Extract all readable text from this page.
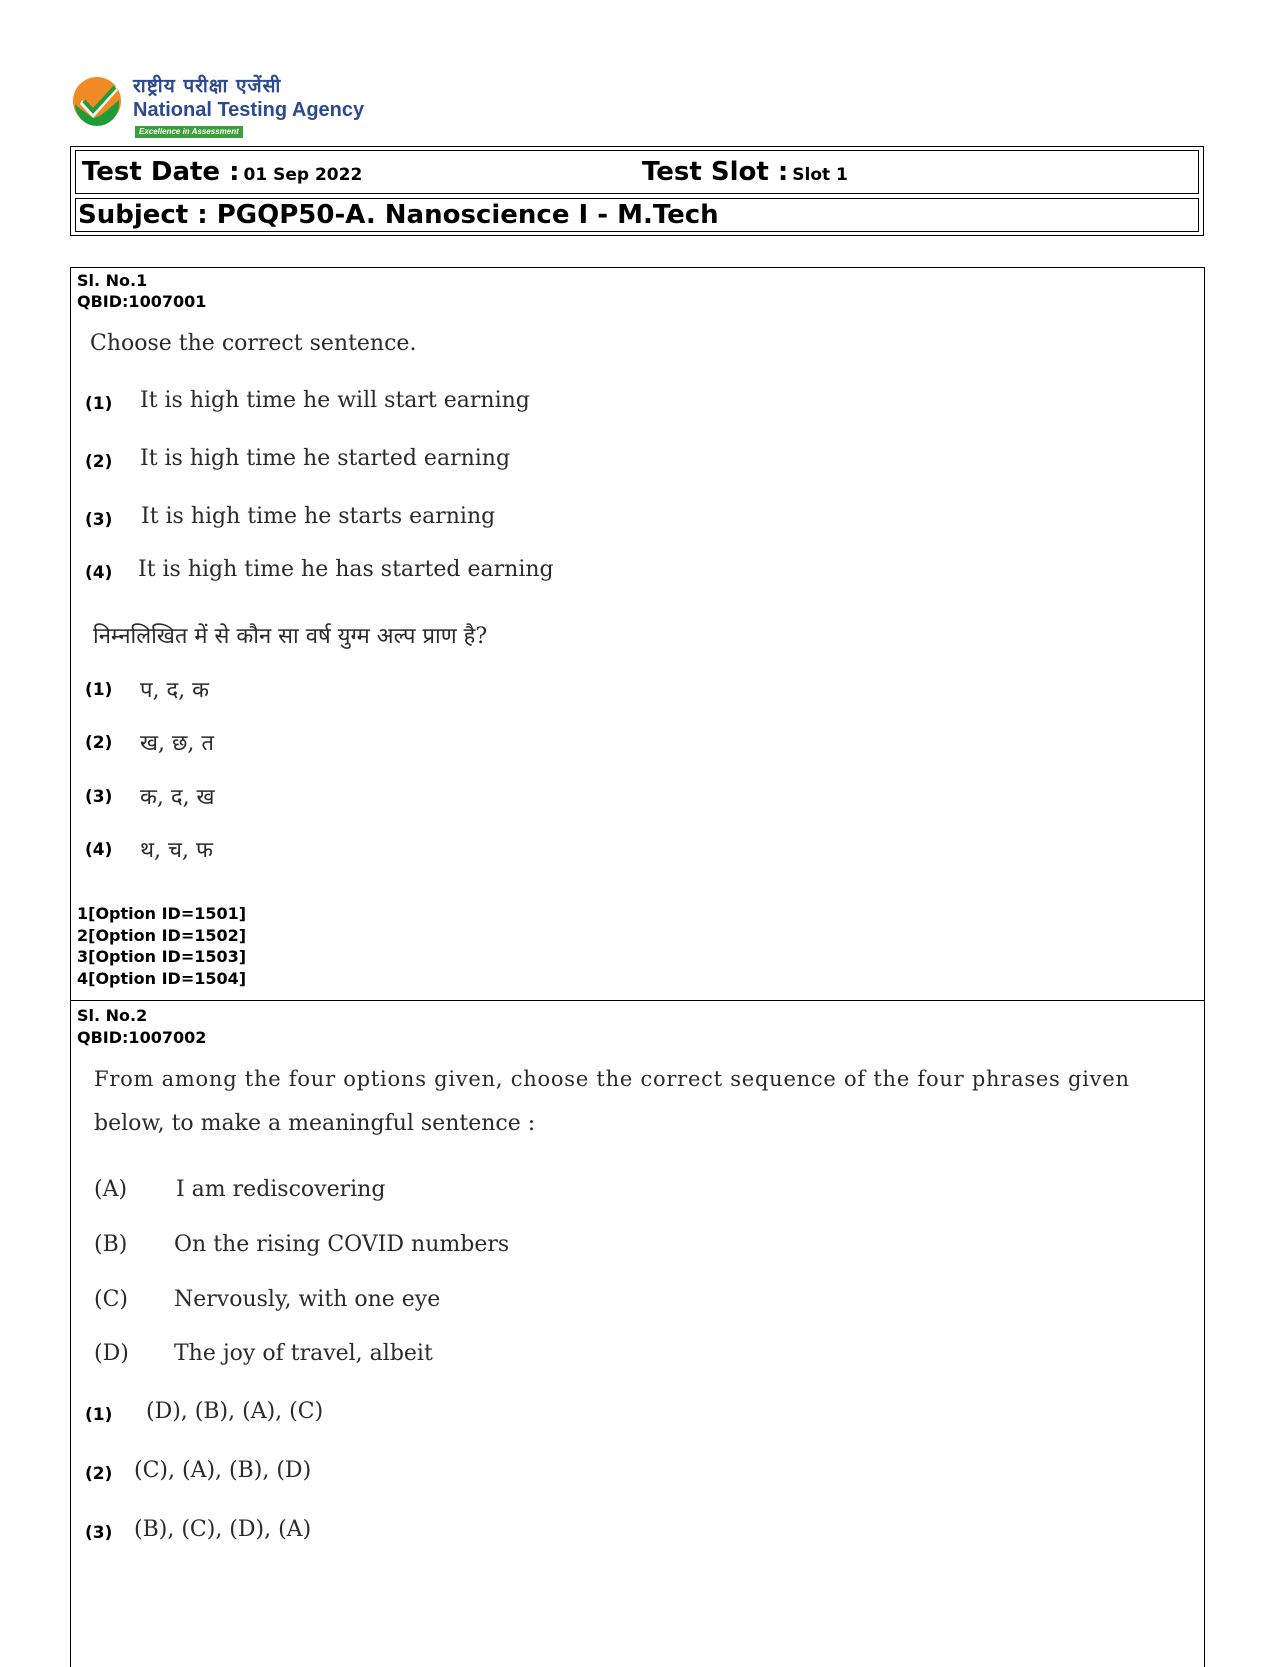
राष्ट्रीय परीक्षा एजेंसी
National Testing Agency
Excellence in Assessment
Test Date : 01 Sep 2022	Test Slot : Slot 1
Subject : PGQP50-A. Nanoscience I - M.Tech
Sl. No.1
QBID:1007001
Choose the correct sentence.
(1) It is high time he will start earning
(2) It is high time he started earning
(3) It is high time he starts earning
(4) It is high time he has started earning
निम्नलिखित में से कौन सा वर्ष युग्म अल्प प्राण है?
(1) प, द, क
(2) ख, छ, त
(3) क, द, ख
(4) थ, च, फ
1[Option ID=1501]
2[Option ID=1502]
3[Option ID=1503]
4[Option ID=1504]
Sl. No.2
QBID:1007002
From among the four options given, choose the correct sequence of the four phrases given
below, to make a meaningful sentence :
(A) I am rediscovering
(B) On the rising COVID numbers
(C) Nervously, with one eye
(D) The joy of travel, albeit
(1) (D), (B), (A), (C)
(2) (C), (A), (B), (D)
(3) (B), (C), (D), (A)
